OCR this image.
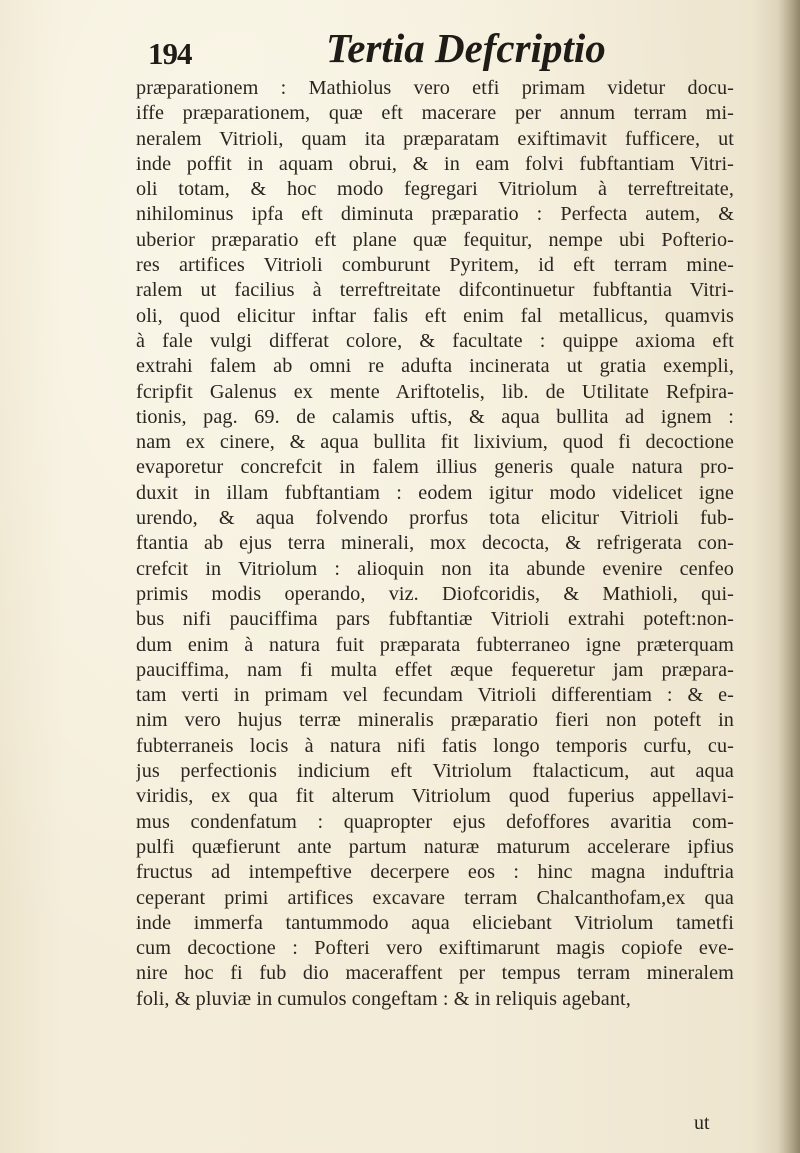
194	Tertia Defcriptio
præparationem : Mathiolus vero etfi primam videtur docu-
iffe præparationem, quæ eft macerare per annum terram mi-
neralem Vitrioli, quam ita præparatam exiftimavit fufficere, ut
inde poffit in aquam obrui, & in eam folvi fubftantiam Vitri-
oli totam, & hoc modo fegregari Vitriolum à terreftreitate,
nihilominus ipfa eft diminuta præparatio : Perfecta autem, &
uberior præparatio eft plane quæ fequitur, nempe ubi Pofterio-
res artifices Vitrioli comburunt Pyritem, id eft terram mine-
ralem ut facilius à terreftreitate difcontinuetur fubftantia Vitri-
oli, quod elicitur inftar falis eft enim fal metallicus, quamvis
à fale vulgi differat colore, & facultate : quippe axioma eft
extrahi falem ab omni re adufta incinerata ut gratia exempli,
fcripfit Galenus ex mente Ariftotelis, lib. de Utilitate Refpira-
tionis, pag. 69. de calamis uftis, & aqua bullita ad ignem :
nam ex cinere, & aqua bullita fit lixivium, quod fi decoctione
evaporetur concrefcit in falem illius generis quale natura pro-
duxit in illam fubftantiam : eodem igitur modo videlicet igne
urendo, & aqua folvendo prorfus tota elicitur Vitrioli fub-
ftantia ab ejus terra minerali, mox decocta, & refrigerata con-
crefcit in Vitriolum : alioquin non ita abunde evenire cenfeo
primis modis operando, viz. Diofcoridis, & Mathioli, qui-
bus nifi pauciffima pars fubftantiæ Vitrioli extrahi poteft:non-
dum enim à natura fuit præparata fubterraneo igne præterquam
pauciffima, nam fi multa effet æque fequeretur jam præpara-
tam verti in primam vel fecundam Vitrioli differentiam : & e-
nim vero hujus terræ mineralis præparatio fieri non poteft in
fubterraneis locis à natura nifi fatis longo temporis curfu, cu-
jus perfectionis indicium eft Vitriolum ftalacticum, aut aqua
viridis, ex qua fit alterum Vitriolum quod fuperius appellavi-
mus condenfatum : quapropter ejus defoffores avaritia com-
pulfi quæfierunt ante partum naturæ maturum accelerare ipfius
fructus ad intempeftive decerpere eos : hinc magna induftria
ceperant primi artifices excavare terram Chalcanthofam,ex qua
inde immerfa tantummodo aqua eliciebant Vitriolum tametfi
cum decoctione : Pofteri vero exiftimarunt magis copiofe eve-
nire hoc fi fub dio maceraffent per tempus terram mineralem
foli, & pluviæ in cumulos congeftam : & in reliquis agebant,
ut
